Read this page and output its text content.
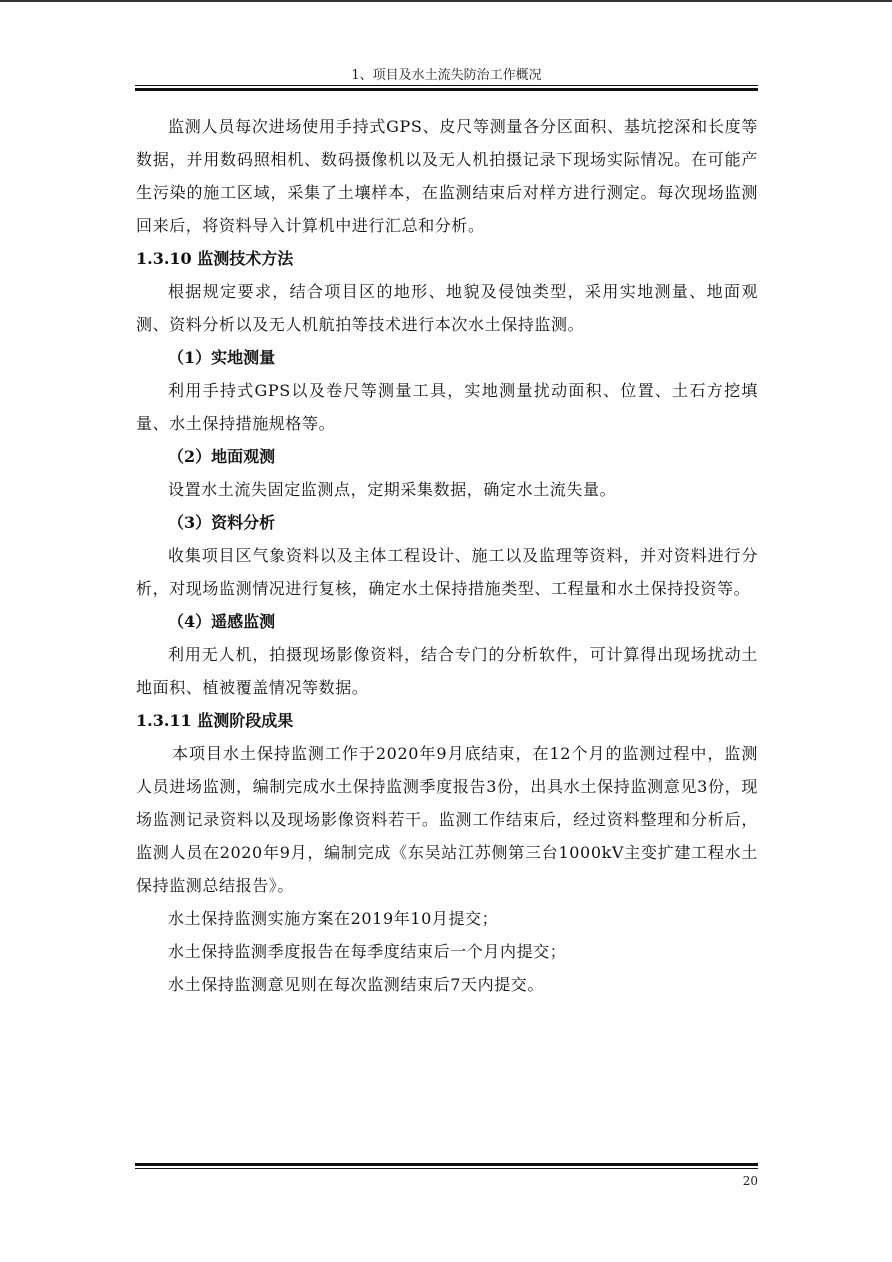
1、项目及水土流失防治工作概况

监测人员每次进场使用手持式GPS、皮尺等测量各分区面积、基坑挖深和长度等数据，并用数码照相机、数码摄像机以及无人机拍摄记录下现场实际情况。在可能产生污染的施工区域，采集了土壤样本，在监测结束后对样方进行测定。每次现场监测回来后，将资料导入计算机中进行汇总和分析。

1.3.10 监测技术方法

根据规定要求，结合项目区的地形、地貌及侵蚀类型，采用实地测量、地面观测、资料分析以及无人机航拍等技术进行本次水土保持监测。

（1）实地测量

利用手持式GPS以及卷尺等测量工具，实地测量扰动面积、位置、土石方挖填量、水土保持措施规格等。

（2）地面观测

设置水土流失固定监测点，定期采集数据，确定水土流失量。

（3）资料分析

收集项目区气象资料以及主体工程设计、施工以及监理等资料，并对资料进行分析，对现场监测情况进行复核，确定水土保持措施类型、工程量和水土保持投资等。

（4）遥感监测

利用无人机，拍摄现场影像资料，结合专门的分析软件，可计算得出现场扰动土地面积、植被覆盖情况等数据。

1.3.11 监测阶段成果

本项目水土保持监测工作于2020年9月底结束，在12个月的监测过程中，监测人员进场监测，编制完成水土保持监测季度报告3份，出具水土保持监测意见3份，现场监测记录资料以及现场影像资料若干。监测工作结束后，经过资料整理和分析后，监测人员在2020年9月，编制完成《东吴站江苏侧第三台1000kV主变扩建工程水土保持监测总结报告》。

水土保持监测实施方案在2019年10月提交；

水土保持监测季度报告在每季度结束后一个月内提交；

水土保持监测意见则在每次监测结束后7天内提交。

20
